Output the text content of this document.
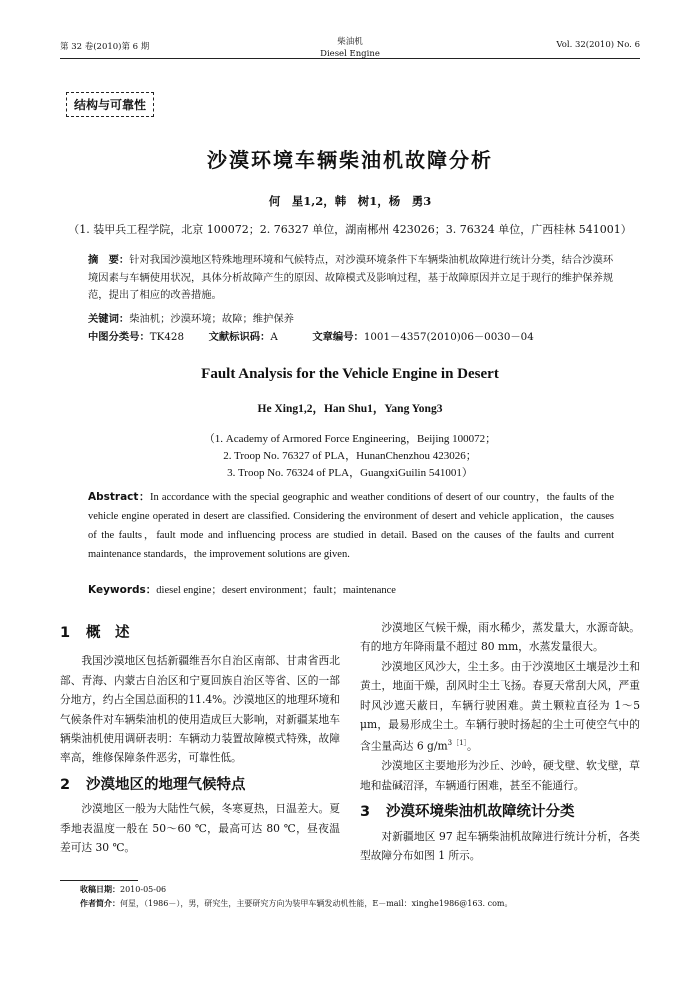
第 32 卷(2010)第 6 期	柴油机
Diesel Engine
Vol. 32(2010) No. 6
结构与可靠性
沙漠环境车辆柴油机故障分析
何　星1,2，韩　树1，杨　勇3
（1. 装甲兵工程学院，北京 100072；2. 76327 单位，湖南郴州 423026；3. 76324 单位，广西桂林 541001）
摘　要：针对我国沙漠地区特殊地理环境和气候特点，对沙漠环境条件下车辆柴油机故障进行统计分类，结合沙漠环境因素与车辆使用状况，具体分析故障产生的原因、故障模式及影响过程，基于故障原因并立足于现行的维护保养规范，提出了相应的改善措施。
关键词：柴油机；沙漠环境；故障；维护保养
中图分类号：TK428 文献标识码：A	文章编号：1001－4357(2010)06－0030－04
Fault Analysis for the Vehicle Engine in Desert
He Xing1,2，Han Shu1，Yang Yong3
（1. Academy of Armored Force Engineering，Beijing 100072；
2. Troop No. 76327 of PLA，HunanChenzhou 423026；
3. Troop No. 76324 of PLA，GuangxiGuilin 541001）
Abstract：In accordance with the special geographic and weather conditions of desert of our country，the faults of the vehicle engine operated in desert are classified. Considering the environment of desert and vehicle application，the causes of the faults，fault mode and influencing process are studied in detail. Based on the causes of the faults and current maintenance standards，the improvement solutions are given.
Keywords：diesel engine；desert environment；fault；maintenance
1 概　述

我国沙漠地区包括新疆维吾尔自治区南部、甘肃省西北部、青海、内蒙古自治区和宁夏回族自治区等省、区的一部分地方，约占全国总面积的11.4%。沙漠地区的地理环境和气候条件对车辆柴油机的使用造成巨大影响，对新疆某地车辆柴油机使用调研表明：车辆动力装置故障模式特殊，故障率高，维修保障条件恶劣，可靠性低。

2 沙漠地区的地理气候特点

沙漠地区一般为大陆性气候，冬寒夏热，日温差大。夏季地表温度一般在 50～60 ℃，最高可达 80 ℃，昼夜温差可达 30 ℃。

沙漠地区气候干燥，雨水稀少，蒸发量大，水源奇缺。有的地方年降雨量不超过 80 mm，水蒸发量很大。

沙漠地区风沙大，尘土多。由于沙漠地区土壤是沙土和黄土，地面干燥，刮风时尘土飞扬。春夏天常刮大风，严重时风沙遮天蔽日，车辆行驶困难。黄土颗粒直径为 1～5 μm，最易形成尘土。车辆行驶时扬起的尘土可使空气中的含尘量高达 6 $g/m^{3[1]}$。

沙漠地区主要地形为沙丘、沙岭，硬戈壁、软戈壁，草地和盐碱沼泽，车辆通行困难，甚至不能通行。

3 沙漠环境柴油机故障统计分类

对新疆地区 97 起车辆柴油机故障进行统计分析，各类型故障分布如图 1 所示。

收稿日期：2010-05-06
作者简介：何星，（1986－），男，研究生，主要研究方向为装甲车辆发动机性能，E－mail：xinghe1986@163. com。
